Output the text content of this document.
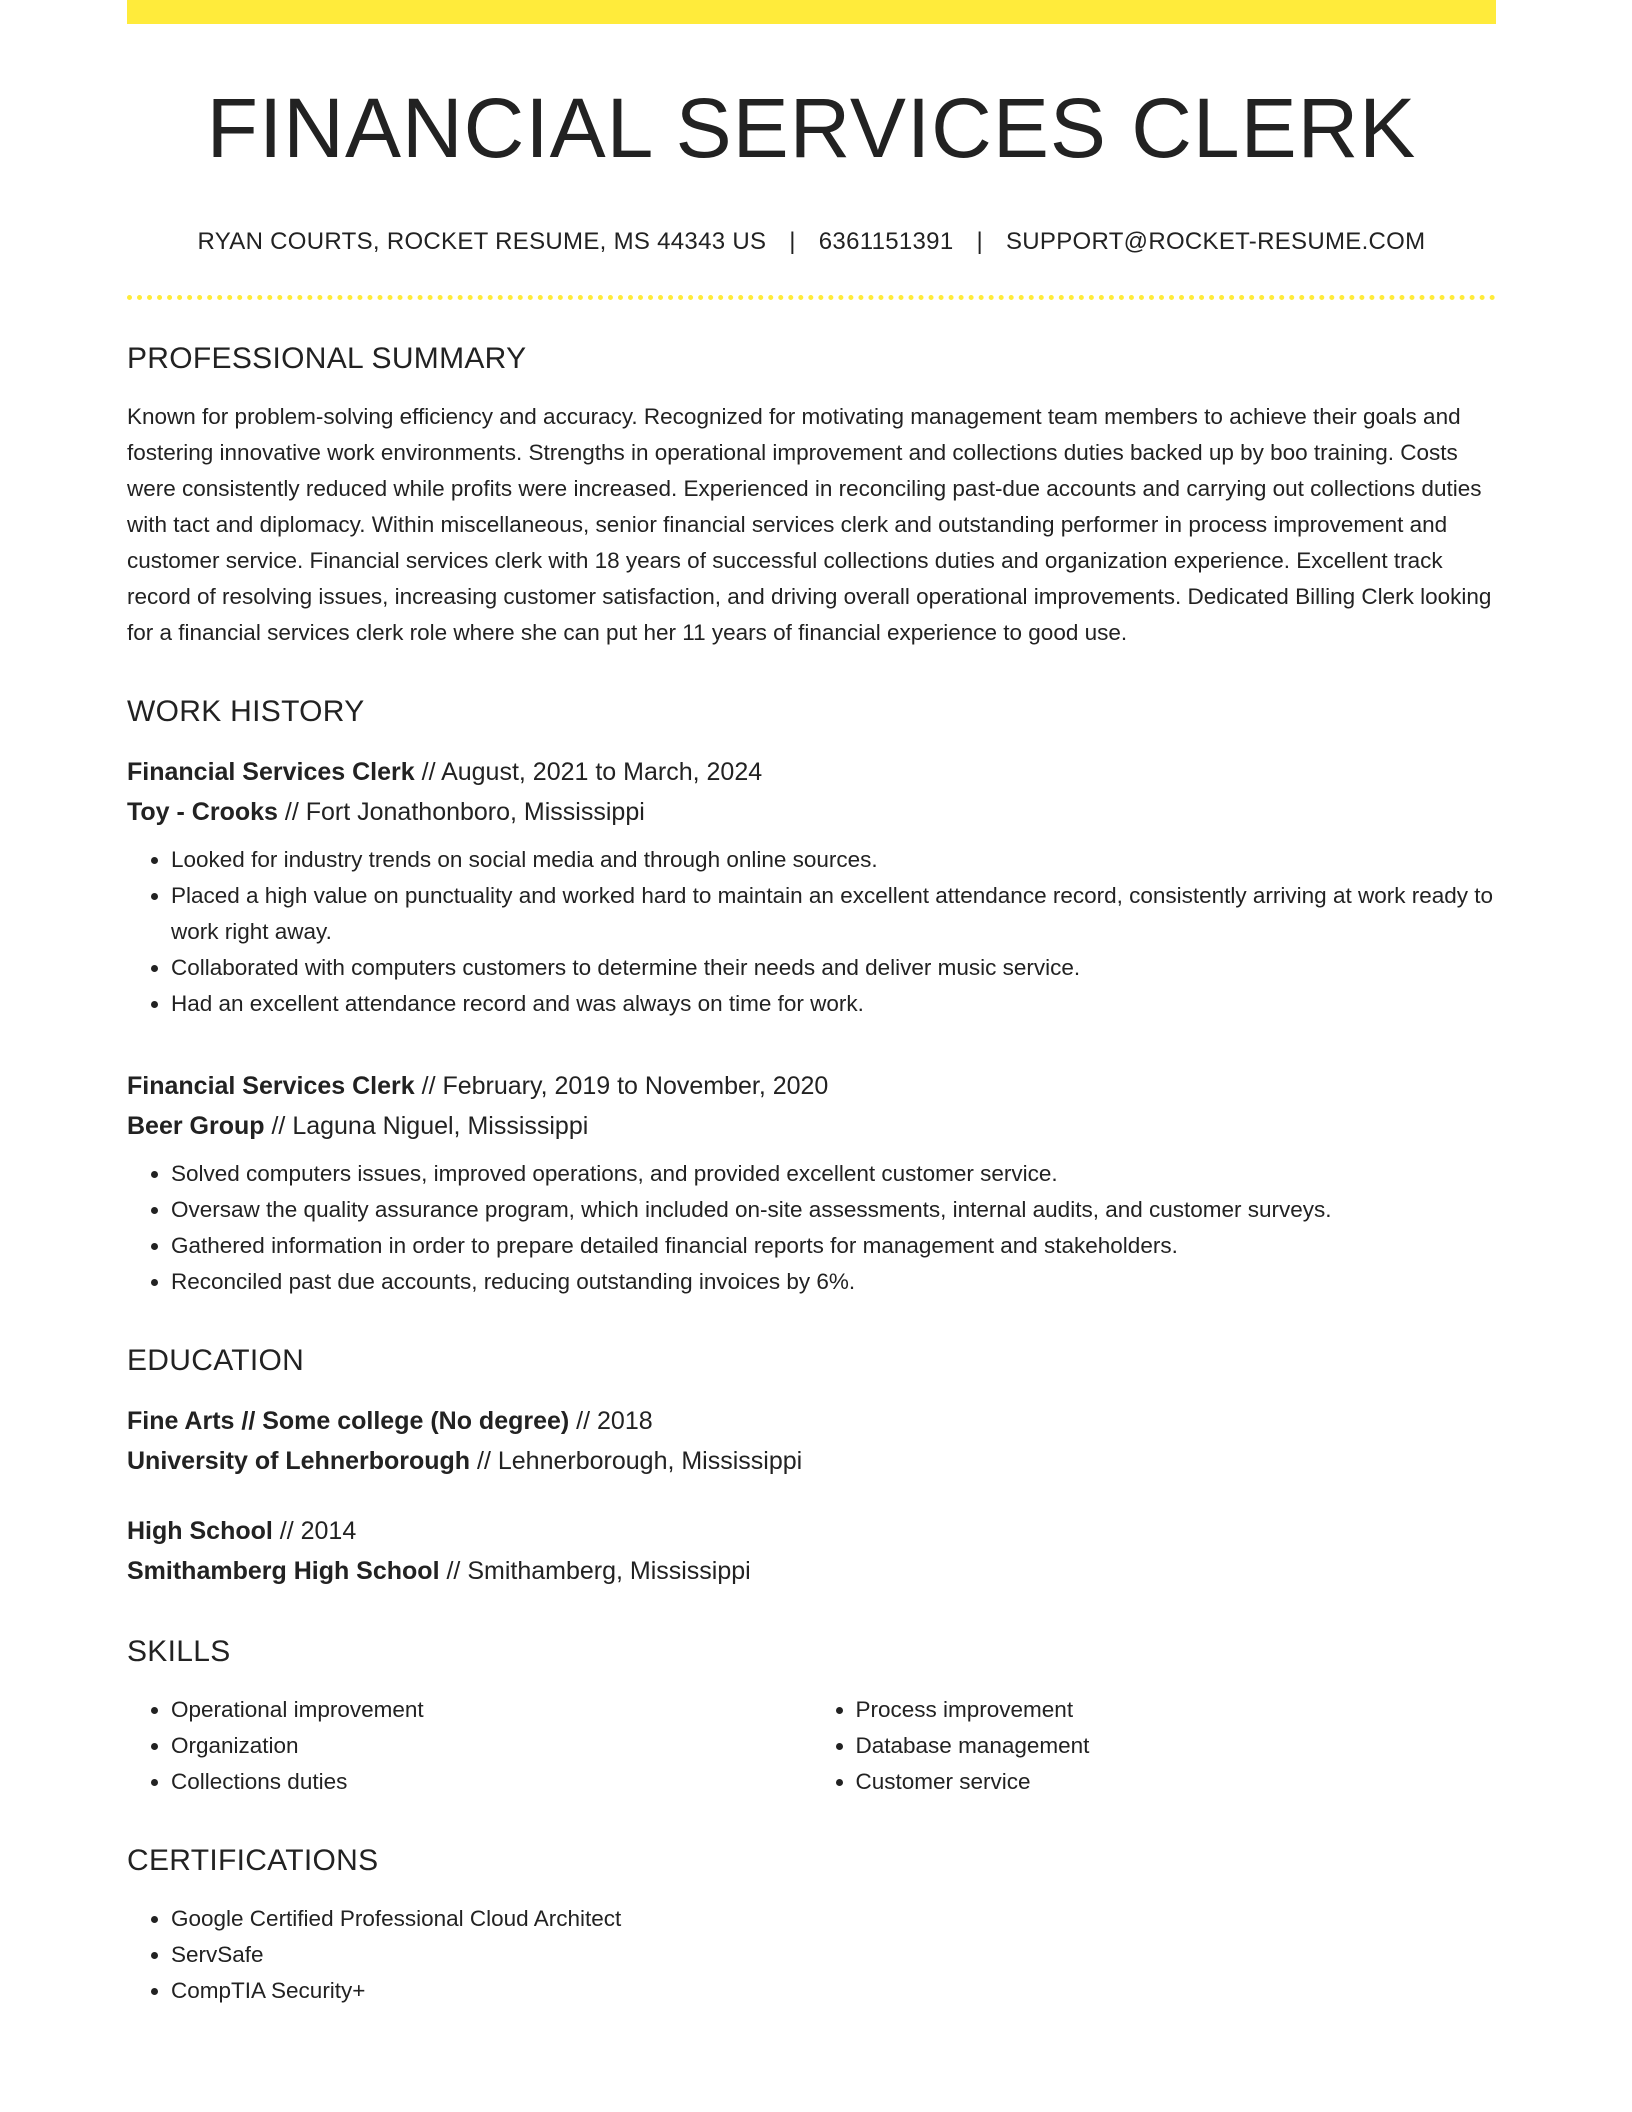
FINANCIAL SERVICES CLERK
RYAN COURTS, ROCKET RESUME, MS 44343 US | 6361151391 | SUPPORT@ROCKET-RESUME.COM
PROFESSIONAL SUMMARY

Known for problem-solving efficiency and accuracy. Recognized for motivating management team members to achieve their goals and fostering innovative work environments. Strengths in operational improvement and collections duties backed up by boo training. Costs were consistently reduced while profits were increased. Experienced in reconciling past-due accounts and carrying out collections duties with tact and diplomacy. Within miscellaneous, senior financial services clerk and outstanding performer in process improvement and customer service. Financial services clerk with 18 years of successful collections duties and organization experience. Excellent track record of resolving issues, increasing customer satisfaction, and driving overall operational improvements. Dedicated Billing Clerk looking for a financial services clerk role where she can put her 11 years of financial experience to good use.

WORK HISTORY

Financial Services Clerk // August, 2021 to March, 2024

Toy - Crooks // Fort Jonathonboro, Mississippi

• Looked for industry trends on social media and through online sources.
• Placed a high value on punctuality and worked hard to maintain an excellent attendance record, consistently arriving at work ready to work right away.
• Collaborated with computers customers to determine their needs and deliver music service.
• Had an excellent attendance record and was always on time for work.

Financial Services Clerk // February, 2019 to November, 2020

Beer Group // Laguna Niguel, Mississippi

• Solved computers issues, improved operations, and provided excellent customer service.
• Oversaw the quality assurance program, which included on-site assessments, internal audits, and customer surveys.
• Gathered information in order to prepare detailed financial reports for management and stakeholders.
• Reconciled past due accounts, reducing outstanding invoices by 6%.
EDUCATION

Fine Arts // Some college (No degree) // 2018

University of Lehnerborough // Lehnerborough, Mississippi

High School // 2014

Smithamberg High School // Smithamberg, Mississippi

SKILLS
• Operational improvement
• Organization
• Collections duties
• Process improvement
• Database management
• Customer service
CERTIFICATIONS
• Google Certified Professional Cloud Architect
• ServSafe
• CompTIA Security+
